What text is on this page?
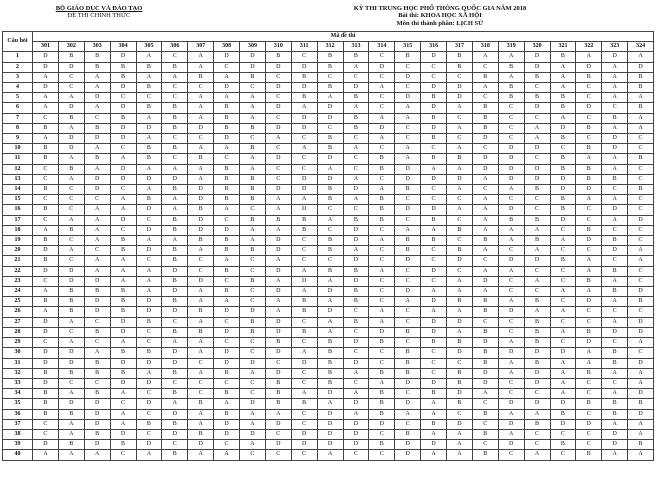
BỘ GIÁO DỤC VÀ ĐÀO TẠO
ĐỀ THI CHÍNH THỨC
KỲ THI TRUNG HỌC PHỔ THÔNG QUỐC GIA NĂM 2018
Bài thi: KHOA HỌC XÃ HỘI
Môn thi thành phần: LỊCH SỬ
Câu hỏi	Mã đề thi																							
	301	302	303	304	305	306	307	308	309	310	311	312	313	314	315	316	317	318	319	320	321	322	323	324
1	D	B	B	D	A	C	A	D	D	B	C	B	B	C	B	D	B	A	A	D	B	A	D	A
2	D	D	B	B	B	B	A	C	D	D	D	B	A	D	C	C	B	C	B	D	A	D	A	D
3	A	C	A	B	A	A	B	A	B	C	B	C	C	C	D	C	C	B	A	B	A	B	A	B
4	D	C	A	D	B	C	C	D	C	D	D	B	D	A	C	D	D	A	B	C	A	C	A	B
5	A	A	D	C	C	C	A	A	A	C	B	A	B	C	D	B	D	C	B	B	B	C	A	A
6	A	D	A	D	B	B	A	B	A	D	A	D	A	C	A	D	A	B	C	D	B	D	C	B
7	C	B	C	B	A	B	A	B	A	C	D	D	B	A	A	B	C	B	C	C	A	C	B	A
8	B	A	B	D	D	B	D	B	B	D	D	C	B	D	C	D	A	B	C	A	D	B	A	A
9	A	D	D	D	A	C	C	D	C	A	C	B	C	A	C	B	C	D	C	A	B	C	D	C
10	B	D	A	C	B	B	A	A	B	C	A	B	A	C	A	C	A	C	D	D	C	B	D	C
11	B	A	B	A	B	C	B	C	A	D	C	D	C	B	A	B	B	D	D	C	B	A	A	B
12	C	B	A	D	A	A	A	B	A	C	C	A	C	B	D	A	A	D	D	D	B	B	A	C
13	C	A	D	D	D	D	A	B	B	C	D	D	A	C	D	D	D	A	D	D	D	B	B	C
14	B	C	D	C	A	B	D	B	B	D	D	B	D	A	B	C	A	C	A	B	D	D	C	B
15	C	C	C	A	B	A	D	B	B	A	A	B	A	B	C	C	C	A	C	C	B	A	A	C
16	B	C	A	A	D	A	B	A	C	A	D	C	C	B	D	D	A	A	D	C	B	C	D	C
17	C	A	A	D	C	B	D	C	B	B	B	A	B	B	C	B	C	A	B	B	D	C	A	D
18	A	B	A	C	D	B	D	D	A	A	B	C	D	C	A	A	B	A	A	A	C	B	C	C
19	B	C	A	B	A	A	B	B	A	D	C	B	D	A	B	B	C	B	A	B	A	D	B	C
20	D	A	C	B	D	B	A	B	B	D	C	B	A	C	B	C	B	A	C	A	C	C	D	A
21	B	C	A	A	C	B	C	A	C	A	C	C	D	C	D	C	D	C	D	D	B	A	C	A
22	D	D	A	A	A	D	C	B	C	D	A	B	B	A	C	D	C	A	A	C	C	A	B	C
23	C	D	D	A	A	B	D	C	B	A	D	A	D	C	C	C	A	D	C	A	C	B	A	C
24	A	B	B	B	A	D	A	B	C	D	A	D	B	C	D	A	A	A	C	C	A	A	B	D
25	B	B	D	B	D	B	A	A	C	A	B	A	B	C	A	D	B	B	A	B	C	D	A	B
26	A	B	D	B	D	D	B	D	D	A	B	D	C	A	C	A	A	B	D	A	A	C	C	C
27	D	A	C	D	B	C	A	C	B	D	C	A	B	A	C	D	D	C	C	B	C	C	A	D
28	D	C	B	D	C	B	B	D	B	D	B	A	C	D	B	D	A	B	C	B	A	B	D	D
29	C	A	C	A	C	A	A	C	C	B	C	B	D	B	C	B	B	D	A	B	C	D	C	A
30	D	D	A	B	B	D	A	D	C	D	A	B	C	C	B	C	D	B	D	D	D	A	B	C
31	D	D	B	D	D	D	C	D	D	C	D	B	D	C	B	C	C	B	A	B	A	A	B	D
32	B	B	B	B	A	B	A	B	A	D	C	B	A	B	B	C	B	D	A	D	A	B	A	A
33	D	C	C	D	D	C	C	C	C	B	C	B	C	A	D	D	B	D	C	D	A	C	C	A
34	B	A	B	A	C	B	C	B	C	B	A	D	A	B	C	B	D	A	C	C	A	C	A	D
35	B	D	D	C	D	A	B	A	D	B	B	A	D	B	D	A	B	C	D	D	D	B	B	B
36	B	B	D	A	C	D	A	B	A	A	C	D	A	B	A	A	C	B	A	A	B	C	B	D
37	C	A	D	A	B	B	A	D	A	D	C	D	D	D	C	B	D	C	D	B	D	D	A	A
38	C	A	B	D	C	D	B	D	D	C	D	D	D	C	B	A	A	B	A	C	C	C	D	A
39	D	B	D	B	D	C	D	C	A	D	D	D	D	B	D	D	A	C	D	C	B	C	D	B
40	A	A	A	C	A	B	A	A	C	C	C	A	C	C	D	A	A	B	C	A	C	B	A	A
